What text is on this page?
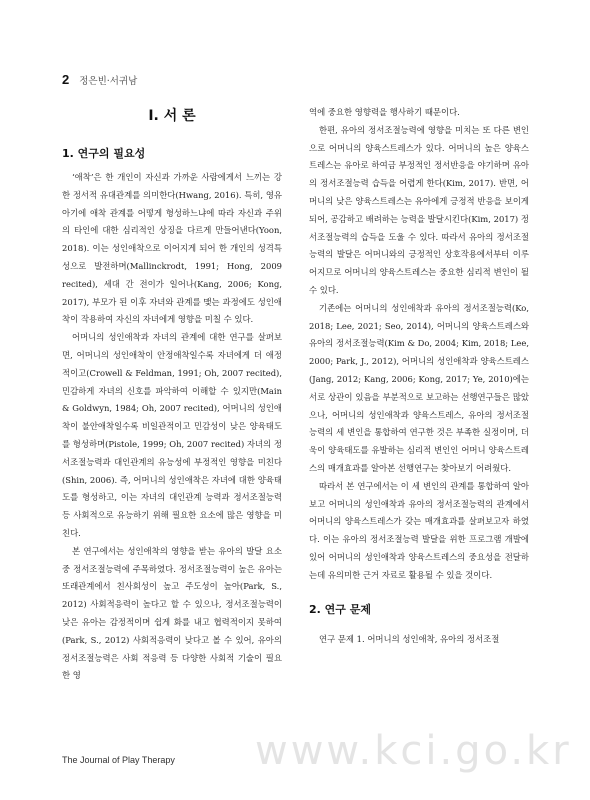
2 정은빈·서귀남
Ⅰ. 서 론
1. 연구의 필요성

‘애착’은 한 개인이 자신과 가까운 사람에게서 느끼는 강한 정서적 유대관계를 의미한다(Hwang, 2016). 특히, 영유아기에 애착 관계를 어떻게 형성하느냐에 따라 자신과 주위의 타인에 대한 심리적인 상징을 다르게 만들어낸다(Yoon, 2018). 이는 성인애착으로 이어지게 되어 한 개인의 성격특성으로 발전하며(Mallinckrodt, 1991; Hong, 2009 recited), 세대 간 전이가 일어나(Kang, 2006; Kong, 2017), 부모가 된 이후 자녀와 관계를 맺는 과정에도 성인애착이 작용하여 자신의 자녀에게 영향을 미칠 수 있다.

어머니의 성인애착과 자녀의 관계에 대한 연구를 살펴보면, 어머니의 성인애착이 안정애착일수록 자녀에게 더 애정적이고(Crowell & Feldman, 1991; Oh, 2007 recited), 민감하게 자녀의 신호를 파악하여 이해할 수 있지만(Main & Goldwyn, 1984; Oh, 2007 recited), 어머니의 성인애착이 불안애착일수록 비일관적이고 민감성이 낮은 양육태도를 형성하며(Pistole, 1999; Oh, 2007 recited) 자녀의 정서조절능력과 대인관계의 유능성에 부정적인 영향을 미친다(Shin, 2006). 즉, 어머니의 성인애착은 자녀에 대한 양육태도를 형성하고, 이는 자녀의 대인관계 능력과 정서조절능력 등 사회적으로 유능하기 위해 필요한 요소에 많은 영향을 미친다.

본 연구에서는 성인애착의 영향을 받는 유아의 발달 요소 중 정서조절능력에 주목하였다. 정서조절능력이 높은 유아는 또래관계에서 친사회성이 높고 주도성이 높아(Park, S., 2012) 사회적응력이 높다고 할 수 있으나, 정서조절능력이 낮은 유아는 감정적이며 쉽게 화를 내고 협력적이지 못하여(Park, S., 2012) 사회적응력이 낮다고 볼 수 있어, 유아의 정서조절능력은 사회 적응력 등 다양한 사회적 기술이 필요한 영

역에 중요한 영향력을 행사하기 때문이다.

한편, 유아의 정서조절능력에 영향을 미치는 또 다른 변인으로 어머니의 양육스트레스가 있다. 어머니의 높은 양육스트레스는 유아로 하여금 부정적인 정서반응을 야기하며 유아의 정서조절능력 습득을 어렵게 한다(Kim, 2017). 반면, 어머니의 낮은 양육스트레스는 유아에게 긍정적 반응을 보이게 되어, 공감하고 배려하는 능력을 발달시킨다(Kim, 2017) 정서조절능력의 습득을 도울 수 있다. 따라서 유아의 정서조절능력의 발달은 어머니와의 긍정적인 상호작용에서부터 이루어지므로 어머니의 양육스트레스는 중요한 심리적 변인이 될 수 있다.

기존에는 어머니의 성인애착과 유아의 정서조절능력(Ko, 2018; Lee, 2021; Seo, 2014), 어머니의 양육스트레스와 유아의 정서조절능력(Kim & Do, 2004; Kim, 2018; Lee, 2000; Park, J., 2012), 어머니의 성인애착과 양육스트레스(Jang, 2012; Kang, 2006; Kong, 2017; Ye, 2010)에는 서로 상관이 있음을 부분적으로 보고하는 선행연구들은 많았으나, 어머니의 성인애착과 양육스트레스, 유아의 정서조절능력의 세 변인을 통합하여 연구한 것은 부족한 실정이며, 더욱이 양육태도를 유발하는 심리적 변인인 어머니 양육스트레스의 매개효과를 알아본 선행연구는 찾아보기 어려웠다.

따라서 본 연구에서는 이 세 변인의 관계를 통합하여 알아보고 어머니의 성인애착과 유아의 정서조절능력의 관계에서 어머니의 양육스트레스가 갖는 매개효과를 살펴보고자 하였다. 이는 유아의 정서조절능력 발달을 위한 프로그램 개발에 있어 어머니의 성인애착과 양육스트레스의 중요성을 전달하는데 유의미한 근거 자료로 활용될 수 있을 것이다.

2. 연구 문제

연구 문제 1. 어머니의 성인애착, 유아의 정서조절

www.kci.go.kr
The Journal of Play Therapy
